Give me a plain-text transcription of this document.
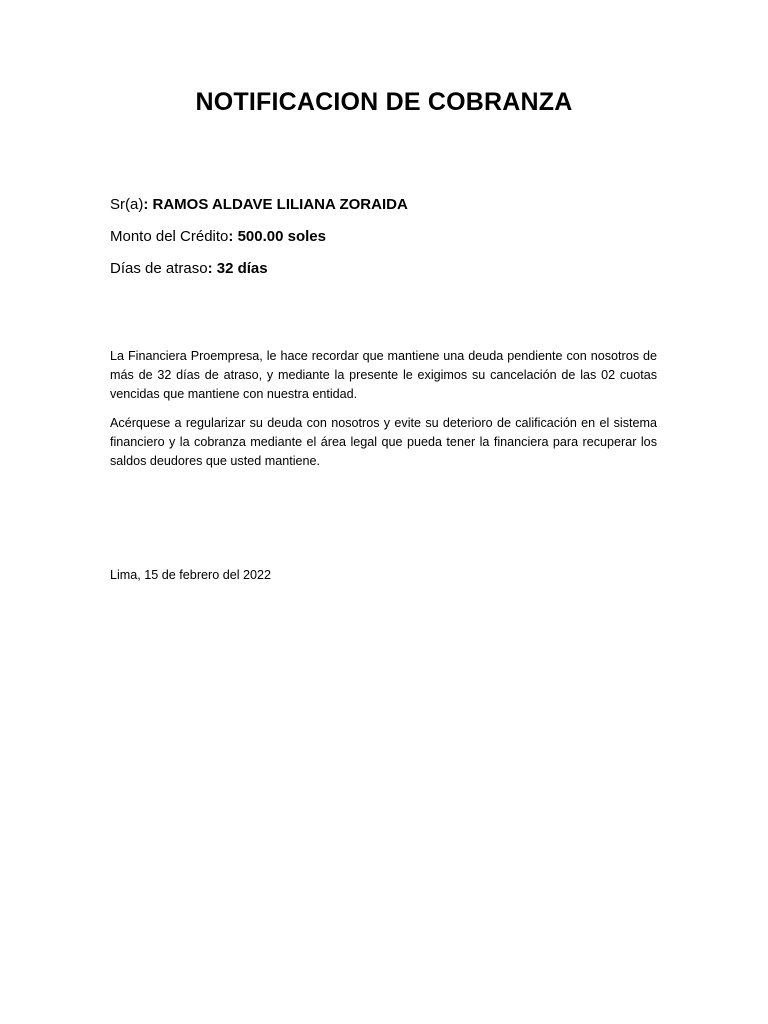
NOTIFICACION DE COBRANZA

Sr(a): RAMOS ALDAVE LILIANA ZORAIDA

Monto del Crédito: 500.00 soles

Días de atraso: 32 días

La Financiera Proempresa, le hace recordar que mantiene una deuda pendiente con nosotros de más de 32 días de atraso, y mediante la presente le exigimos su cancelación de las 02 cuotas vencidas que mantiene con nuestra entidad.

Acérquese a regularizar su deuda con nosotros y evite su deterioro de calificación en el sistema financiero y la cobranza mediante el área legal que pueda tener la financiera para recuperar los saldos deudores que usted mantiene.

Lima, 15 de febrero del 2022
